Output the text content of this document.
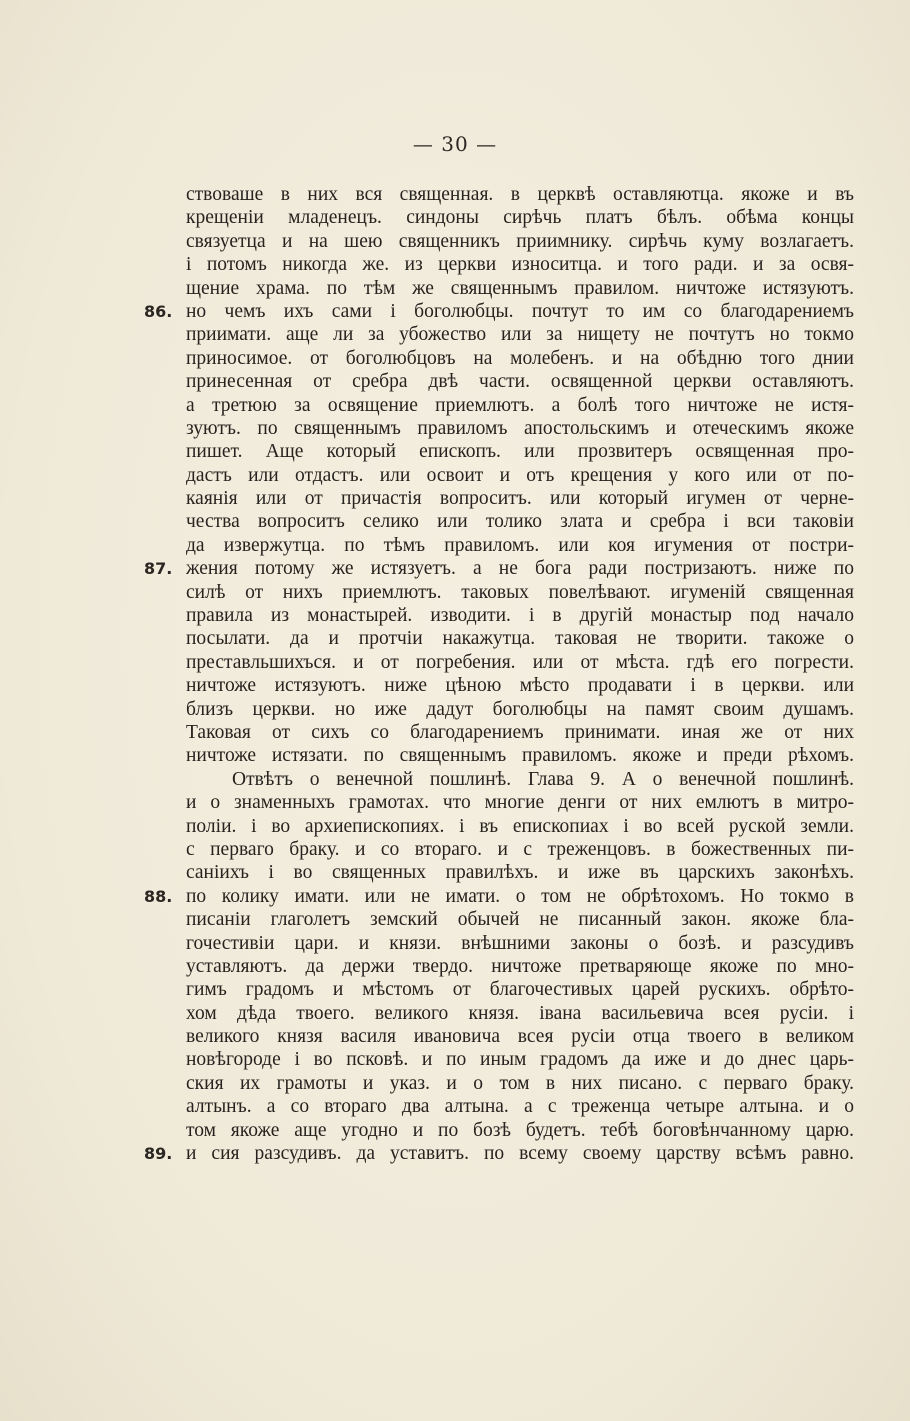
— 30 —
ствоваше в них вся священная. в церквѣ оставляютца. якоже и въ
крещенiи младенецъ. синдоны сирѣчь платъ бѣлъ. обѣма концы
связуетца и на шею священникъ приимнику. сирѣчь куму возлагаетъ.
i потомъ никогда же. из церкви износитца. и того ради. и за освя-
щение храма. по тѣм же священнымъ правилом. ничтоже истязуютъ.
86. но чемъ ихъ сами i боголюбцы. почтут то им со благодарениемъ
приимати. аще ли за убожество или за нищету не почтутъ но токмо
приносимое. от боголюбцовъ на молебенъ. и на обѣдню того днии
принесенная от сребра двѣ части. освященной церкви оставляютъ.
а третюю за освящение приемлютъ. а болѣ того ничтоже не истя-
зуютъ. по священнымъ правиломъ апостольскимъ и отеческимъ якоже
пишет. Аще который епископъ. или прозвитеръ освященная про-
дастъ или отдастъ. или освоит и отъ крещения у кого или от по-
каянiя или от причастiя вопроситъ. или который игумен от черне-
чества вопроситъ селико или толико злата и сребра i вси таковiи
да извержутца. по тѣмъ правиломъ. или коя игумения от постри-
87. жения потому же истязуетъ. а не бога ради постризаютъ. ниже по
силѣ от нихъ приемлютъ. таковых повелѣвают. игуменiй священная
правила из монастырей. изводити. i в другiй монастыр под начало
посылати. да и протчiи накажутца. таковая не творити. такоже о
преставльшихъся. и от погребения. или от мѣста. гдѣ его погрести.
ничтоже истязуютъ. ниже цѣною мѣсто продавати i в церкви. или
близъ церкви. но иже дадут боголюбцы на памят своим душамъ.
Таковая от сихъ со благодарениемъ принимати. иная же от них
ничтоже истязати. по священнымъ правиломъ. якоже и преди рѣхомъ.
Отвѣтъ о венечной пошлинѣ. Глава 9. А о венечной пошлинѣ.
и о знаменныхъ грамотах. что многие денги от них емлютъ в митро-
полiи. i во архиепископиях. i въ епископиах i во всей руской земли.
с перваго браку. и со втораго. и с треженцовъ. в божественных пи-
санiихъ i во священных правилѣхъ. и иже въ царскихъ законѣхъ.
88. по колику имати. или не имати. о том не обрѣтохомъ. Но токмо в
писанiи глаголетъ земский обычей не писанный закон. якоже бла-
гочестивiи цари. и князи. внѣшними законы о бозѣ. и разсудивъ
уставляютъ. да держи твердо. ничтоже претваряюще якоже по мно-
гимъ градомъ и мѣстомъ от благочестивых царей рускихъ. обрѣто-
хом дѣда твоего. великого князя. iвана васильевича всея русiи. i
великого князя василя ивановича всея русiи отца твоего в великом
новѣгороде i во псковѣ. и по иным градомъ да иже и до днес царь-
ския их грамоты и указ. и о том в них писано. с перваго браку.
алтынъ. а со втораго два алтына. а с треженца четыре алтына. и о
том якоже аще угодно и по бозѣ будетъ. тебѣ боговѣнчанному царю.
89. и сия разсудивъ. да уставитъ. по всему своему царству всѣмъ равно.
